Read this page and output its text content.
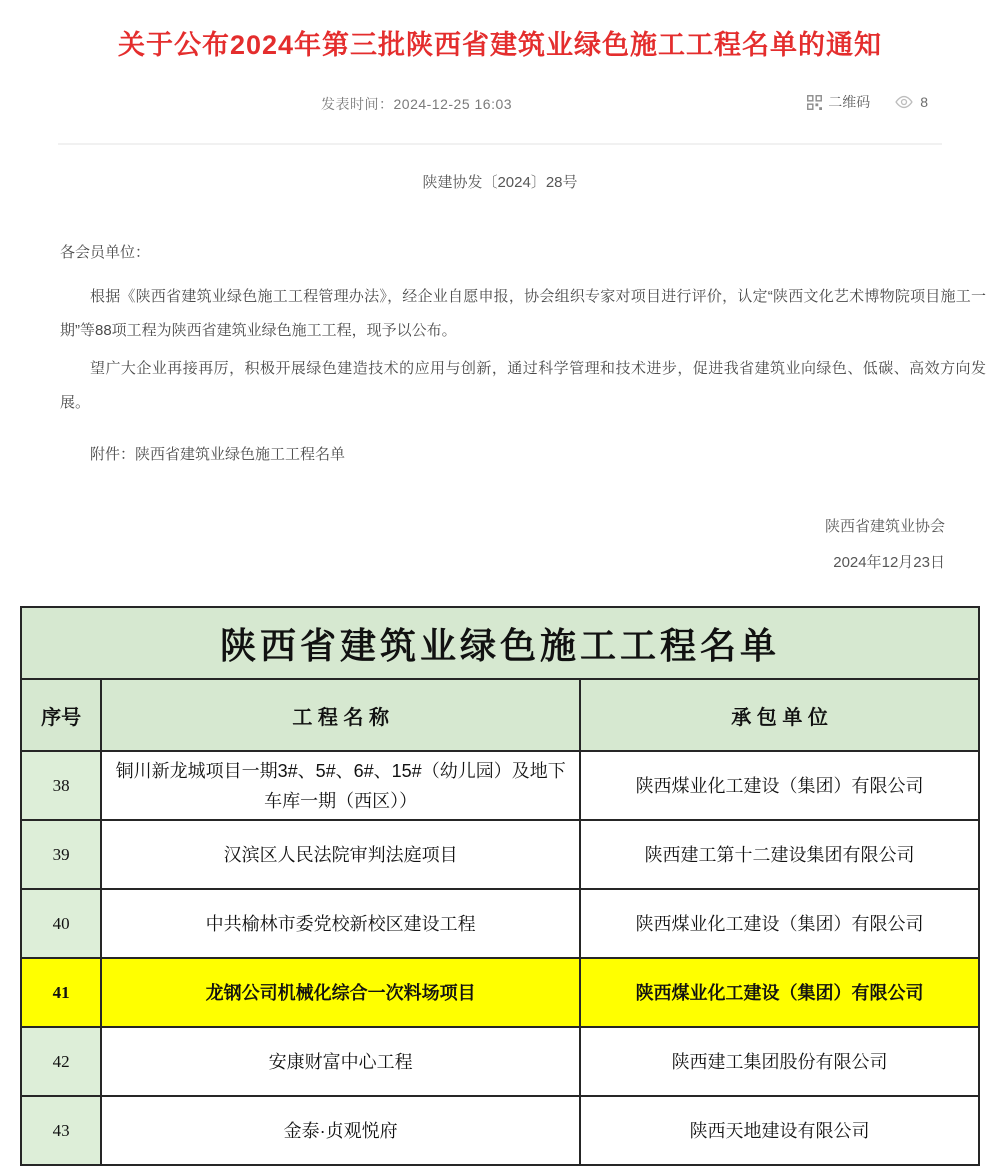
关于公布2024年第三批陕西省建筑业绿色施工工程名单的通知
发表时间：2024-12-25 16:03	二维码	8
陕建协发〔2024〕28号

各会员单位：

根据《陕西省建筑业绿色施工工程管理办法》，经企业自愿申报，协会组织专家对项目进行评价，认定“陕西文化艺术博物院项目施工一期”等88项工程为陕西省建筑业绿色施工工程，现予以公布。

望广大企业再接再厉，积极开展绿色建造技术的应用与创新，通过科学管理和技术进步，促进我省建筑业向绿色、低碳、高效方向发展。

附件：陕西省建筑业绿色施工工程名单

陕西省建筑业协会
2024年12月23日
陕西省建筑业绿色施工工程名单		
序号	工 程 名 称	承 包 单 位
38	铜川新龙城项目一期3#、5#、6#、15#（幼儿园）及地下车库一期（西区））	陕西煤业化工建设（集团）有限公司
39	汉滨区人民法院审判法庭项目	陕西建工第十二建设集团有限公司
40	中共榆林市委党校新校区建设工程	陕西煤业化工建设（集团）有限公司
41	龙钢公司机械化综合一次料场项目	陕西煤业化工建设（集团）有限公司
42	安康财富中心工程	陕西建工集团股份有限公司
43	金泰·贞观悦府	陕西天地建设有限公司
